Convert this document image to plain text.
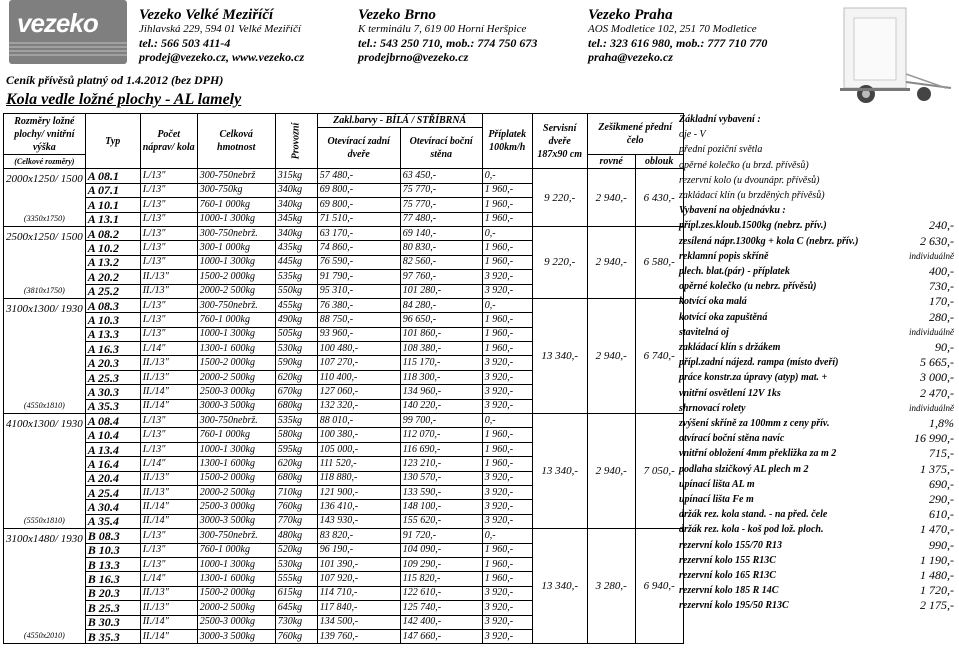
vezeko	Vezeko Velké Meziříčí
Jihlavská 229, 594 01 Velké Meziříčí
tel.: 566 503 411-4
prodej@vezeko.cz, www.vezeko.cz
Vezeko Brno
K terminálu 7, 619 00 Horní Heršpice
tel.: 543 250 710, mob.: 774 750 673
prodejbrno@vezeko.cz
Vezeko Praha
AOS Modletice 102, 251 70 Modletice
tel.: 323 616 980, mob.: 777 710 770
praha@vezeko.cz
Ceník přívěsů platný od 1.4.2012 (bez DPH)
Kola vedle ložné plochy - AL lamely
Rozměry ložné plochy/ vnitřní výška	Typ	Počet náprav/ kola	Celková hmotnost	Provozní	Zakl.barvy - BÍLÁ / STŘÍBRNÁ		Příplatek 100km/h	Servisní dveře 187x90 cm	Zešikmené přední čelo	
					Otevírací zadní dveře	Otevírací boční stěna				

(Celkové rozměry)									rovné	oblouk

2000x1250/ 1500
(3350x1750)	A 08.1	I./13"	300-750nebrž	315kg	57 480,-	63 450,-	0,-	9 220,-	2 940,-	6 430,-
	A 07.1	I./13"	300-750kg	340kg	69 800,-	75 770,-	1 960,-			
	A 10.1	I./13"	760-1 000kg	340kg	69 800,-	75 770,-	1 960,-			
	A 13.1	I./13"	1000-1 300kg	345kg	71 510,-	77 480,-	1 960,-			

2500x1250/ 1500
(3810x1750)	A 08.2	I./13"	300-750nebrž.	340kg	63 170,-	69 140,-	0,-	9 220,-	2 940,-	6 580,-
	A 10.2	I./13"	300-1 000kg	435kg	74 860,-	80 830,-	1 960,-			
	A 13.2	I./13"	1000-1 300kg	445kg	76 590,-	82 560,-	1 960,-			
	A 20.2	II./13"	1500-2 000kg	535kg	91 790,-	97 760,-	3 920,-			
	A 25.2	II./13"	2000-2 500kg	550kg	95 310,-	101 280,-	3 920,-			

3100x1300/ 1930
(4550x1810)	A 08.3	I./13"	300-750nebrž.	455kg	76 380,-	84 280,-	0,-	13 340,-	2 940,-	6 740,-
	A 10.3	I./13"	760-1 000kg	490kg	88 750,-	96 650,-	1 960,-			
	A 13.3	I./13"	1000-1 300kg	505kg	93 960,-	101 860,-	1 960,-			
	A 16.3	I./14"	1300-1 600kg	530kg	100 480,-	108 380,-	1 960,-			
	A 20.3	II./13"	1500-2 000kg	590kg	107 270,-	115 170,-	3 920,-			
	A 25.3	II./13"	2000-2 500kg	620kg	110 400,-	118 300,-	3 920,-			
	A 30.3	II./14"	2500-3 000kg	670kg	127 060,-	134 960,-	3 920,-			
	A 35.3	II./14"	3000-3 500kg	680kg	132 320,-	140 220,-	3 920,-			

4100x1300/ 1930
(5550x1810)	A 08.4	I./13"	300-750nebrž.	535kg	88 010,-	99 700,-	0,-	13 340,-	2 940,-	7 050,-
	A 10.4	I./13"	760-1 000kg	580kg	100 380,-	112 070,-	1 960,-			
	A 13.4	I./13"	1000-1 300kg	595kg	105 000,-	116 690,-	1 960,-			
	A 16.4	I./14"	1300-1 600kg	620kg	111 520,-	123 210,-	1 960,-			
	A 20.4	II./13"	1500-2 000kg	680kg	118 880,-	130 570,-	3 920,-			
	A 25.4	II./13"	2000-2 500kg	710kg	121 900,-	133 590,-	3 920,-			
	A 30.4	II./14"	2500-3 000kg	760kg	136 410,-	148 100,-	3 920,-			
	A 35.4	II./14"	3000-3 500kg	770kg	143 930,-	155 620,-	3 920,-			

3100x1480/ 1930
(4550x2010)	B 08.3	I./13"	300-750nebrž.	480kg	83 820,-	91 720,-	0,-	13 340,-	3 280,-	6 940,-
	B 10.3	I./13"	760-1 000kg	520kg	96 190,-	104 090,-	1 960,-			
	B 13.3	I./13"	1000-1 300kg	530kg	101 390,-	109 290,-	1 960,-			
	B 16.3	I./14"	1300-1 600kg	555kg	107 920,-	115 820,-	1 960,-			
	B 20.3	II./13"	1500-2 000kg	615kg	114 710,-	122 610,-	3 920,-			
	B 25.3	II./13"	2000-2 500kg	645kg	117 840,-	125 740,-	3 920,-			
	B 30.3	II./14"	2500-3 000kg	730kg	134 500,-	142 400,-	3 920,-			
	B 35.3	II./14"	3000-3 500kg	760kg	139 760,-	147 660,-	3 920,-			
Základní vybavení :
oje - V
přední poziční světla
opěrné kolečko (u brzd. přívěsů)
rezervní kolo (u dvounápr. přívěsů)
zakládací klín (u brzděných přívěsů)
Vybavení na objednávku :
přípl.zes.kloub.1500kg (nebrz. přív.)	240,-
zesílená nápr.1300kg + kola C (nebrz. přív.)	2 630,-
reklamní popis skříně	individuálně
plech. blat.(pár) - příplatek	400,-
opěrné kolečko (u nebrz. přívěsů)	730,-
kotvící oka malá	170,-
kotvící oka zapuštěná	280,-
stavitelná oj	individuálně
zakládací klín s držákem	90,-
přípl.zadní nájezd. rampa (místo dveří)	5 665,-
práce konstr.za úpravy (atyp) mat. +	3 000,-
vnitřní osvětlení 12V 1ks	2 470,-
shrnovací rolety	individuálně
zvýšení skříně za 100mm z ceny přív.	1,8%
otvírací boční stěna navíc	16 990,-
vnitřní obložení 4mm překližka za m 2	715,-
podlaha slzičkový AL plech m 2	1 375,-
upínací lišta AL m	690,-
upínací lišta Fe m	290,-
držák rez. kola stand. - na před. čele	610,-
držák rez. kola - koš pod lož. ploch.	1 470,-
rezervní kolo 155/70 R13	990,-
rezervní kolo 155 R13C	1 190,-
rezervní kolo 165 R13C	1 480,-
rezervní kolo 185 R 14C	1 720,-
rezervní kolo 195/50 R13C	2 175,-
